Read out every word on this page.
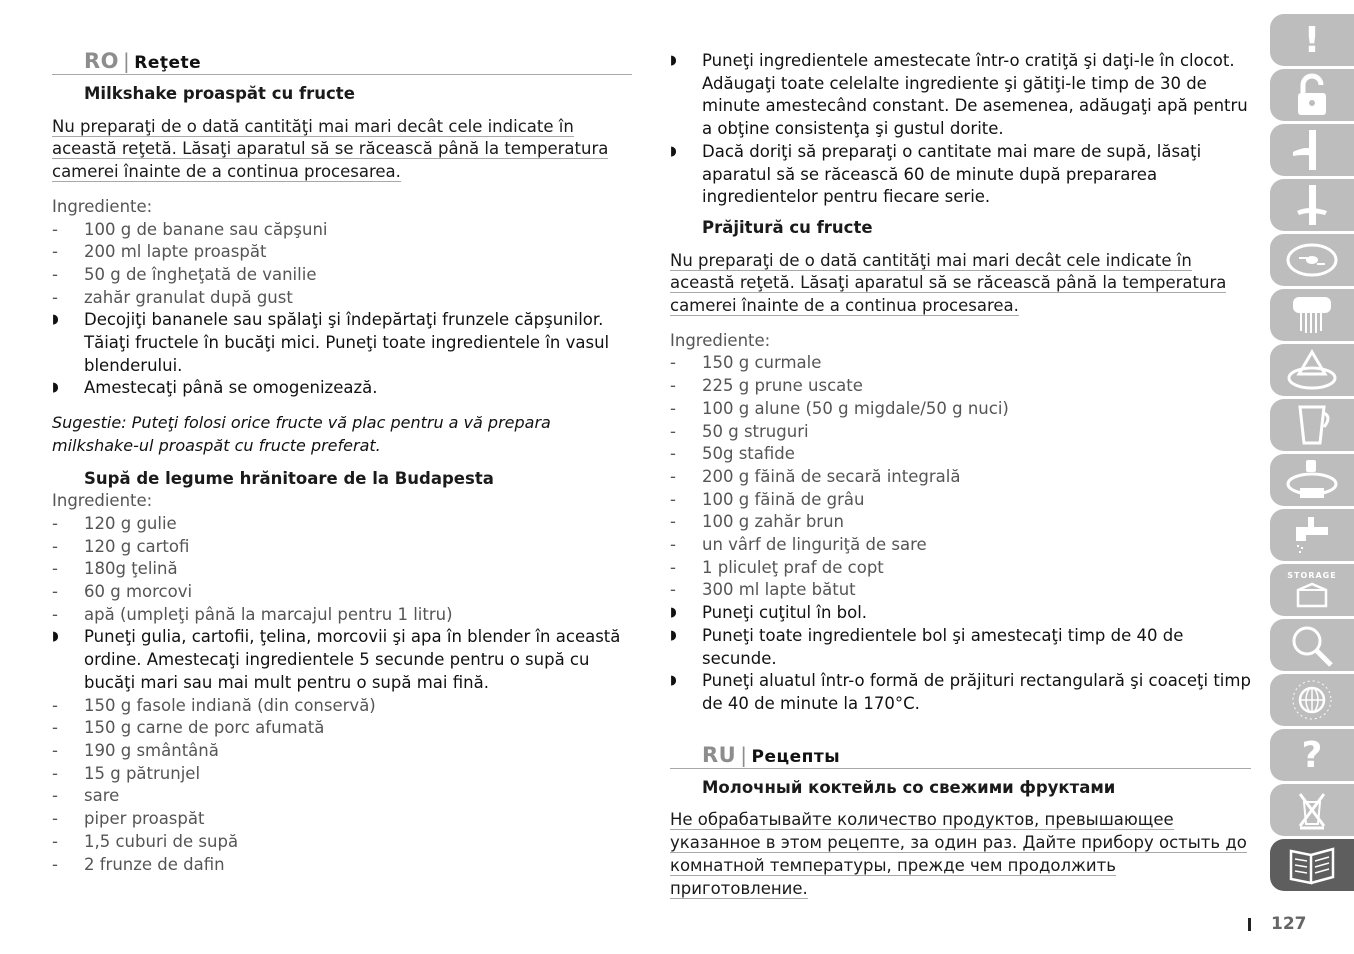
RO | Reţete

Milkshake proaspăt cu fructe

Nu preparaţi de o dată cantităţi mai mari decât cele indicate în această reţetă. Lăsaţi aparatul să se răcească până la temperatura camerei înainte de a continua procesarea.

Ingrediente:

- 100 g de banane sau căpşuni
- 200 ml lapte proaspăt
- 50 g de îngheţată de vanilie
- zahăr granulat după gust
◗ Decojiţi bananele sau spălaţi şi îndepărtaţi frunzele căpşunilor. Tăiaţi fructele în bucăţi mici. Puneţi toate ingredientele în vasul blenderului.
◗ Amestecaţi până se omogenizează.

Sugestie: Puteţi folosi orice fructe vă plac pentru a vă prepara milkshake-ul proaspăt cu fructe preferat.

Supă de legume hrănitoare de la Budapesta

Ingrediente:

- 120 g gulie
- 120 g cartofi
- 180g ţelină
- 60 g morcovi
- apă (umpleţi până la marcajul pentru 1 litru)
◗ Puneţi gulia, cartofii, ţelina, morcovii şi apa în blender în această ordine. Amestecaţi ingredientele 5 secunde pentru o supă cu bucăţi mari sau mai mult pentru o supă mai fină.
- 150 g fasole indiană (din conservă)
- 150 g carne de porc afumată
- 190 g smântână
- 15 g pătrunjel
- sare
- piper proaspăt
- 1,5 cuburi de supă
- 2 frunze de dafin
◗ Puneţi ingredientele amestecate într-o cratiţă şi daţi-le în clocot. Adăugaţi toate celelalte ingrediente şi gătiţi-le timp de 30 de minute amestecând constant. De asemenea, adăugaţi apă pentru a obţine consistenţa şi gustul dorite.
◗ Dacă doriţi să preparaţi o cantitate mai mare de supă, lăsaţi aparatul să se răcească 60 de minute după prepararea ingredientelor pentru fiecare serie.

Prăjitură cu fructe

Nu preparaţi de o dată cantităţi mai mari decât cele indicate în această reţetă. Lăsaţi aparatul să se răcească până la temperatura camerei înainte de a continua procesarea.

Ingrediente:

- 150 g curmale
- 225 g prune uscate
- 100 g alune (50 g migdale/50 g nuci)
- 50 g struguri
- 50g stafide
- 200 g făină de secară integrală
- 100 g făină de grâu
- 100 g zahăr brun
- un vârf de linguriţă de sare
- 1 pliculeţ praf de copt
- 300 ml lapte bătut
◗ Puneţi cuţitul în bol.
◗ Puneţi toate ingredientele bol şi amestecaţi timp de 40 de secunde.
◗ Puneţi aluatul într-o formă de prăjituri rectangulară şi coaceţi timp de 40 de minute la 170°C.
RU | Рецепты

Молочный коктейль со свежими фруктами

Не обрабатывайте количество продуктов, превышающее указанное в этом рецепте, за один раз. Дайте прибору остыть до комнатной температуры, прежде чем продолжить приготовление.

!
STORAGE
?
127
